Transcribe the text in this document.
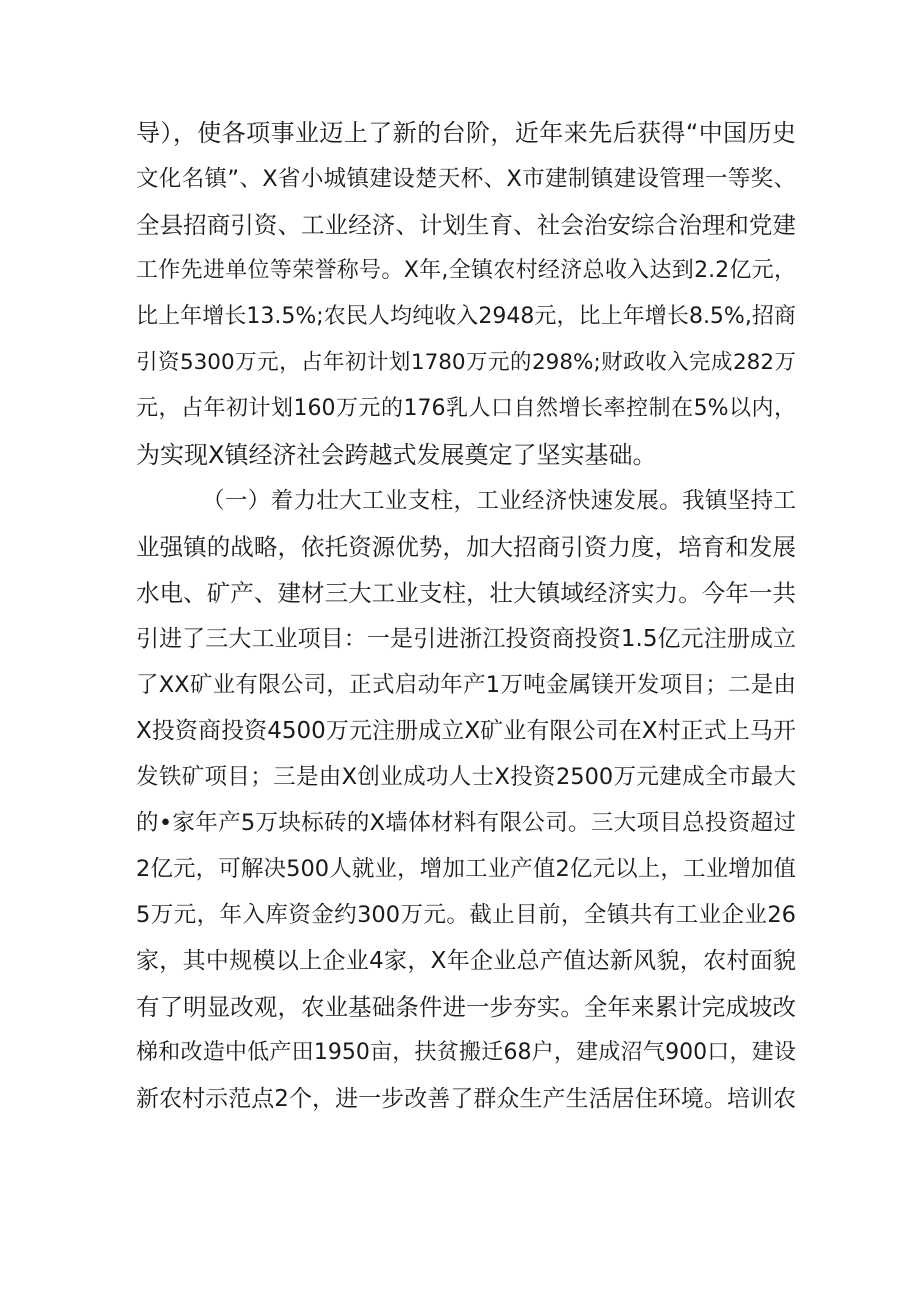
导），使各项事业迈上了新的台阶，近年来先后获得“中国历史
文化名镇”、X省小城镇建设楚天杯、X市建制镇建设管理一等奖、
全县招商引资、工业经济、计划生育、社会治安综合治理和党建
工作先进单位等荣誉称号。X年,全镇农村经济总收入达到2.2亿元，
比上年增长13.5%;农民人均纯收入2948元，比上年增长8.5%,招商
引资5300万元，占年初计划1780万元的298%;财政收入完成282万
元，占年初计划160万元的176乳人口自然增长率控制在5%以内，
为实现X镇经济社会跨越式发展奠定了坚实基础。
（一）着力壮大工业支柱，工业经济快速发展。我镇坚持工
业强镇的战略，依托资源优势，加大招商引资力度，培育和发展
水电、矿产、建材三大工业支柱，壮大镇域经济实力。今年一共
引进了三大工业项目：一是引进浙江投资商投资1.5亿元注册成立
了XX矿业有限公司，正式启动年产1万吨金属镁开发项目；二是由
X投资商投资4500万元注册成立X矿业有限公司在X村正式上马开
发铁矿项目；三是由X创业成功人士X投资2500万元建成全市最大
的•家年产5万块标砖的X墙体材料有限公司。三大项目总投资超过
2亿元，可解决500人就业，增加工业产值2亿元以上，工业增加值
5万元，年入库资金约300万元。截止目前，全镇共有工业企业26
家，其中规模以上企业4家，X年企业总产值达新风貌，农村面貌
有了明显改观，农业基础条件进一步夯实。全年来累计完成坡改
梯和改造中低产田1950亩，扶贫搬迁68户，建成沼气900口，建设
新农村示范点2个，进一步改善了群众生产生活居住环境。培训农
